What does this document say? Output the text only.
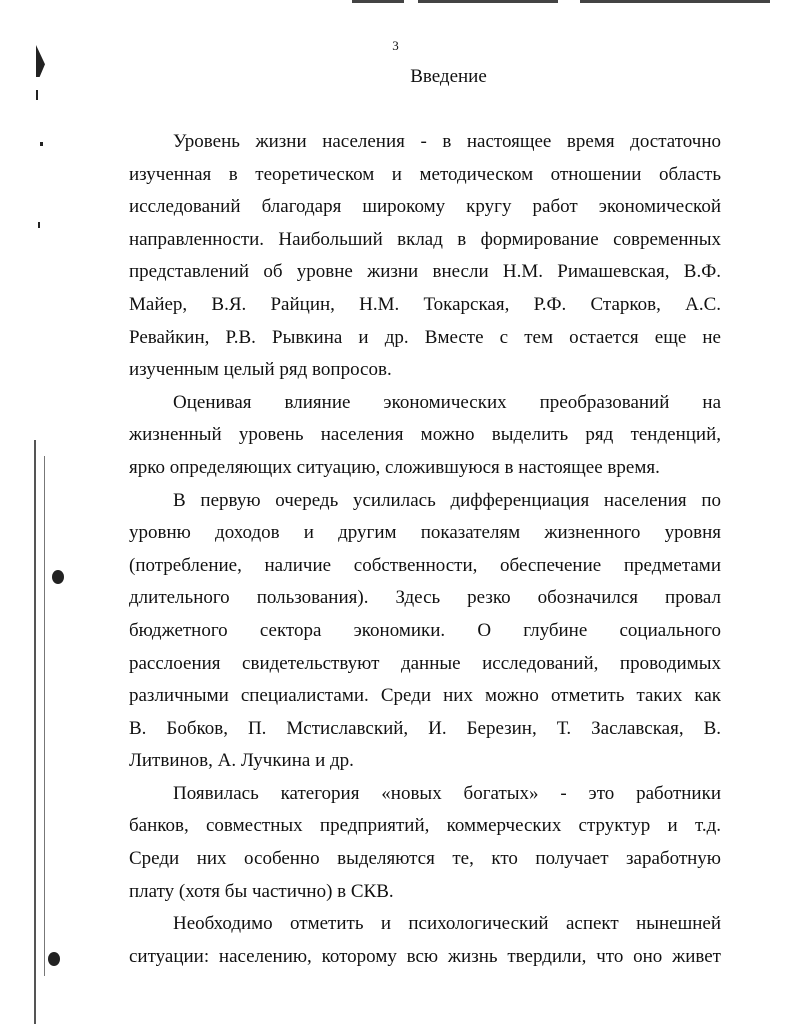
3
Введение
Уровень жизни населения - в настоящее время достаточно
изученная в теоретическом и методическом отношении область
исследований благодаря широкому кругу работ экономической
направленности. Наибольший вклад в формирование современных
представлений об уровне жизни внесли Н.М. Римашевская, В.Ф.
Майер, В.Я. Райцин, Н.М. Токарская, Р.Ф. Старков, А.С.
Ревайкин, Р.В. Рывкина и др. Вместе с тем остается еще не
изученным целый ряд вопросов.
Оценивая влияние экономических преобразований на
жизненный уровень населения можно выделить ряд тенденций,
ярко определяющих ситуацию, сложившуюся в настоящее время.
В первую очередь усилилась дифференциация населения по
уровню доходов и другим показателям жизненного уровня
(потребление, наличие собственности, обеспечение предметами
длительного пользования). Здесь резко обозначился провал
бюджетного сектора экономики. О глубине социального
расслоения свидетельствуют данные исследований, проводимых
различными специалистами. Среди них можно отметить таких как
В. Бобков, П. Мстиславский, И. Березин, Т. Заславская, В.
Литвинов, А. Лучкина и др.
Появилась категория «новых богатых» - это работники
банков, совместных предприятий, коммерческих структур и т.д.
Среди них особенно выделяются те, кто получает заработную
плату (хотя бы частично) в СКВ.
Необходимо отметить и психологический аспект нынешней
ситуации: населению, которому всю жизнь твердили, что оно живет
